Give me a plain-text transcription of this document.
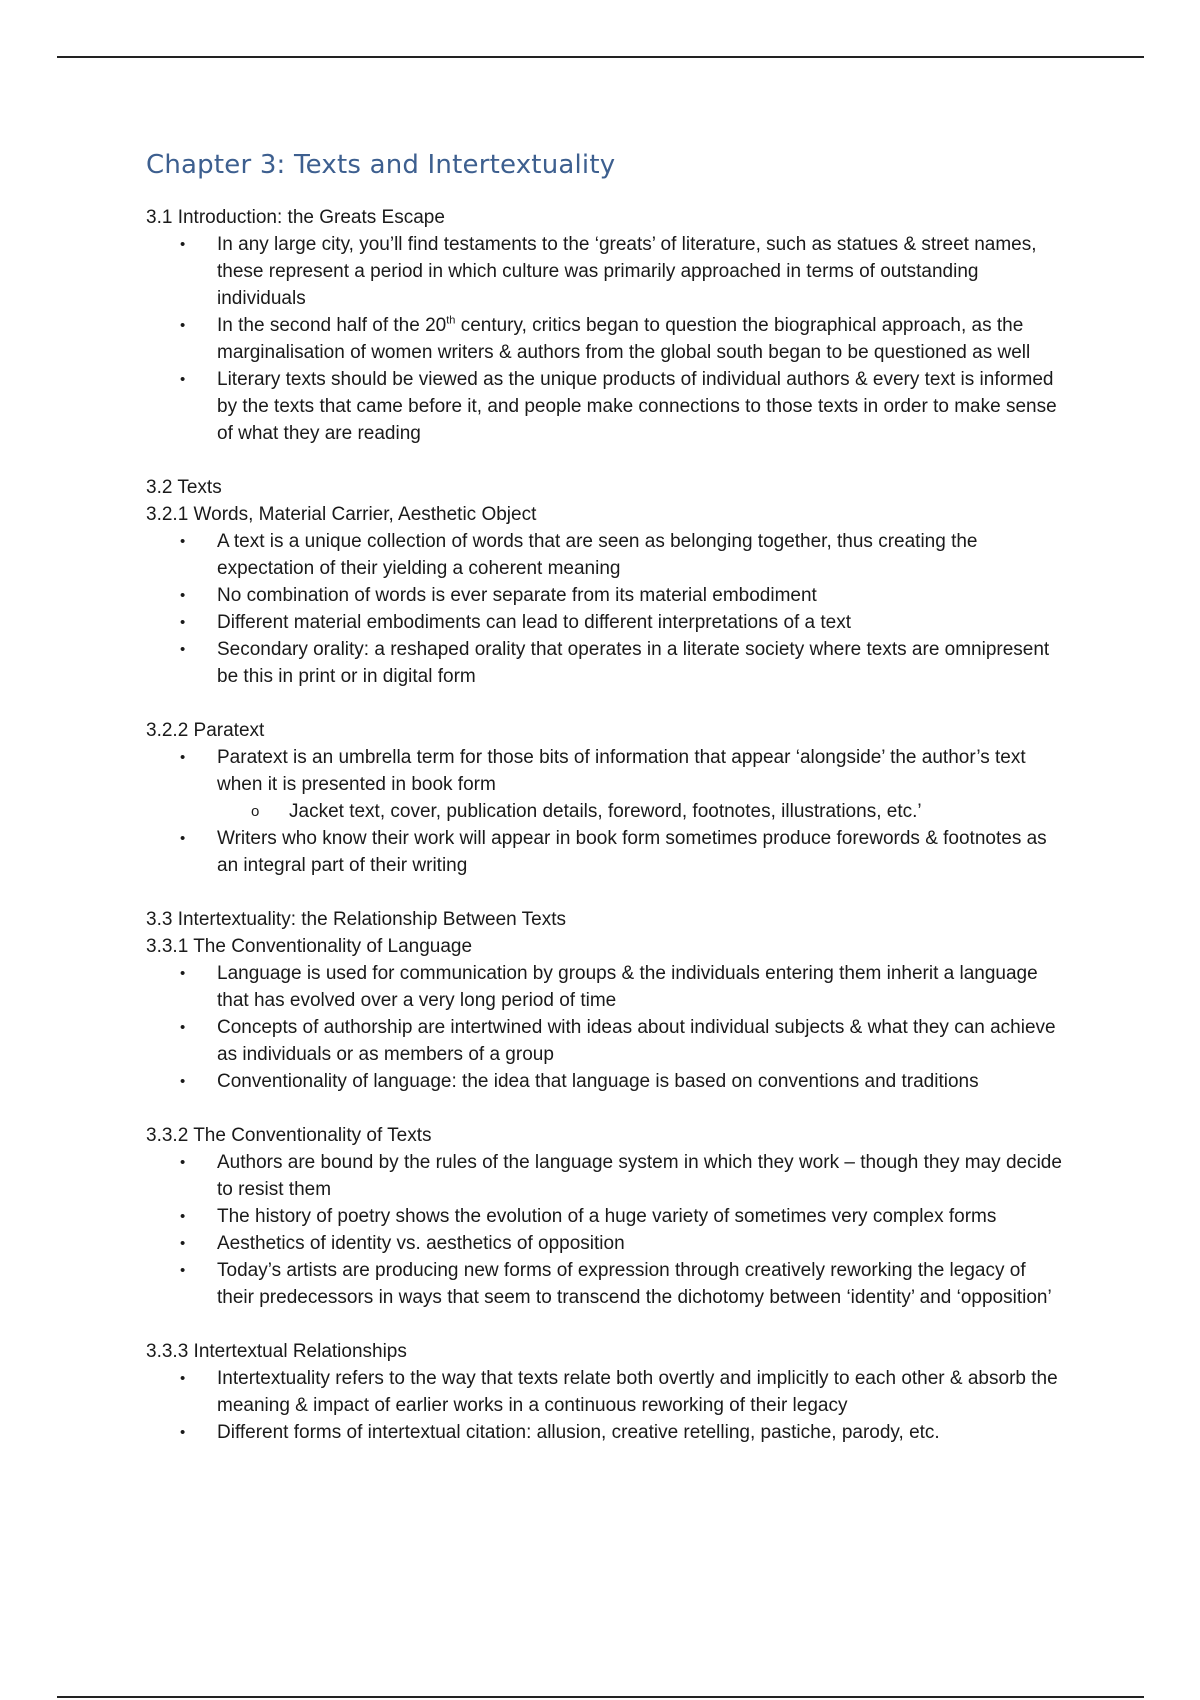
Chapter 3: Texts and Intertextuality

3.1 Introduction: the Greats Escape

• In any large city, you’ll find testaments to the ‘greats’ of literature, such as statues & street names, these represent a period in which culture was primarily approached in terms of outstanding individuals
• In the second half of the 20th century, critics began to question the biographical approach, as the marginalisation of women writers & authors from the global south began to be questioned as well
• Literary texts should be viewed as the unique products of individual authors & every text is informed by the texts that came before it, and people make connections to those texts in order to make sense of what they are reading

3.2 Texts

3.2.1 Words, Material Carrier, Aesthetic Object

• A text is a unique collection of words that are seen as belonging together, thus creating the expectation of their yielding a coherent meaning
• No combination of words is ever separate from its material embodiment
• Different material embodiments can lead to different interpretations of a text
• Secondary orality: a reshaped orality that operates in a literate society where texts are omnipresent be this in print or in digital form

3.2.2 Paratext

• Paratext is an umbrella term for those bits of information that appear ‘alongside’ the author’s text when it is presented in book form
o Jacket text, cover, publication details, foreword, footnotes, illustrations, etc.’
• Writers who know their work will appear in book form sometimes produce forewords & footnotes as an integral part of their writing

3.3 Intertextuality: the Relationship Between Texts

3.3.1 The Conventionality of Language

• Language is used for communication by groups & the individuals entering them inherit a language that has evolved over a very long period of time
• Concepts of authorship are intertwined with ideas about individual subjects & what they can achieve as individuals or as members of a group
• Conventionality of language: the idea that language is based on conventions and traditions

3.3.2 The Conventionality of Texts

• Authors are bound by the rules of the language system in which they work – though they may decide to resist them
• The history of poetry shows the evolution of a huge variety of sometimes very complex forms
• Aesthetics of identity vs. aesthetics of opposition
• Today’s artists are producing new forms of expression through creatively reworking the legacy of their predecessors in ways that seem to transcend the dichotomy between ‘identity’ and ‘opposition’

3.3.3 Intertextual Relationships

• Intertextuality refers to the way that texts relate both overtly and implicitly to each other & absorb the meaning & impact of earlier works in a continuous reworking of their legacy
• Different forms of intertextual citation: allusion, creative retelling, pastiche, parody, etc.
